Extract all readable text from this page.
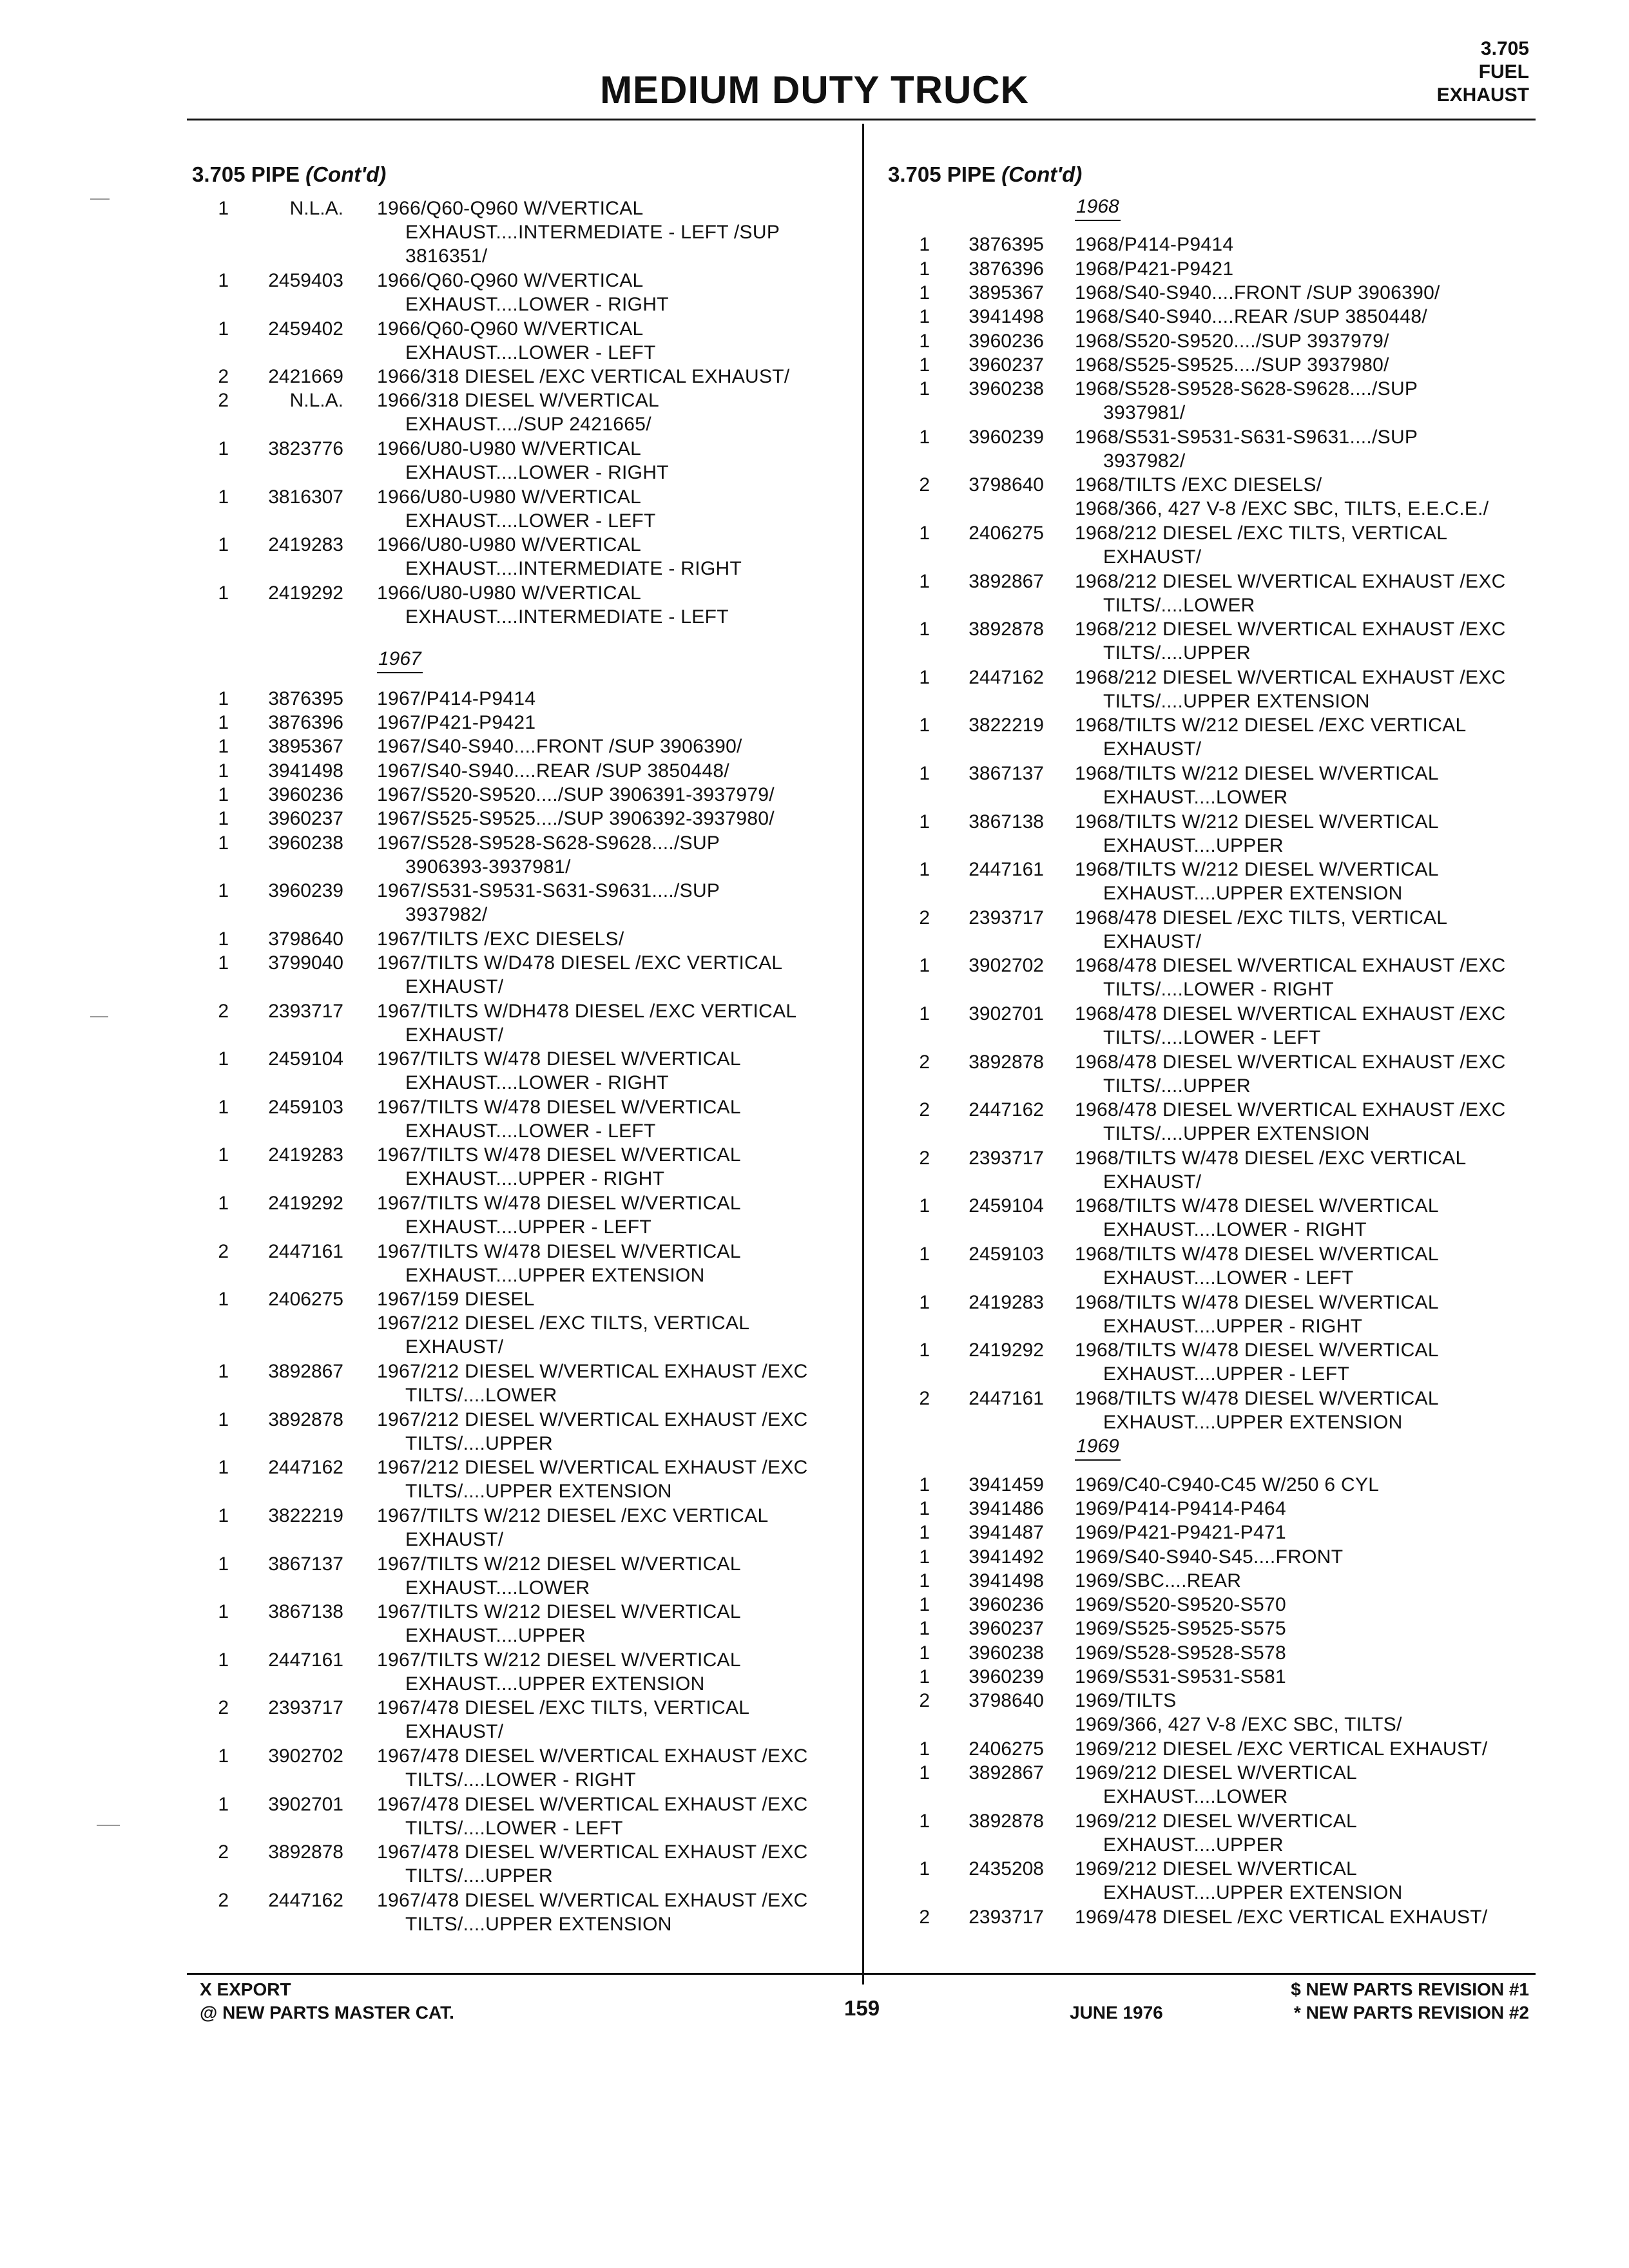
3.705
FUEL
EXHAUST
MEDIUM DUTY TRUCK
3.705 PIPE (Cont'd)
1	N.L.A. 1966/Q60-Q960 W/VERTICAL
EXHAUST....INTERMEDIATE - LEFT /SUP
3816351/
1	2459403 1966/Q60-Q960 W/VERTICAL
EXHAUST....LOWER - RIGHT
1	2459402 1966/Q60-Q960 W/VERTICAL
EXHAUST....LOWER - LEFT
2	2421669 1966/318 DIESEL /EXC VERTICAL EXHAUST/
2	N.L.A. 1966/318 DIESEL W/VERTICAL
EXHAUST..../SUP 2421665/
1	3823776 1966/U80-U980 W/VERTICAL
EXHAUST....LOWER - RIGHT
1	3816307 1966/U80-U980 W/VERTICAL
EXHAUST....LOWER - LEFT
1	2419283 1966/U80-U980 W/VERTICAL
EXHAUST....INTERMEDIATE - RIGHT
1	2419292 1966/U80-U980 W/VERTICAL
EXHAUST....INTERMEDIATE - LEFT
1967
1	3876395 1967/P414-P9414
1	3876396 1967/P421-P9421
1	3895367 1967/S40-S940....FRONT /SUP 3906390/
1	3941498 1967/S40-S940....REAR /SUP 3850448/
1	3960236 1967/S520-S9520..../SUP 3906391-3937979/
1	3960237 1967/S525-S9525..../SUP 3906392-3937980/
1	3960238 1967/S528-S9528-S628-S9628..../SUP
3906393-3937981/
1	3960239 1967/S531-S9531-S631-S9631..../SUP
3937982/
1	3798640 1967/TILTS /EXC DIESELS/
1	3799040 1967/TILTS W/D478 DIESEL /EXC VERTICAL
EXHAUST/
2	2393717 1967/TILTS W/DH478 DIESEL /EXC VERTICAL
EXHAUST/
1	2459104 1967/TILTS W/478 DIESEL W/VERTICAL
EXHAUST....LOWER - RIGHT
1	2459103 1967/TILTS W/478 DIESEL W/VERTICAL
EXHAUST....LOWER - LEFT
1	2419283 1967/TILTS W/478 DIESEL W/VERTICAL
EXHAUST....UPPER - RIGHT
1	2419292 1967/TILTS W/478 DIESEL W/VERTICAL
EXHAUST....UPPER - LEFT
2	2447161 1967/TILTS W/478 DIESEL W/VERTICAL
EXHAUST....UPPER EXTENSION
1	2406275 1967/159 DIESEL
1967/212 DIESEL /EXC TILTS, VERTICAL
EXHAUST/
1	3892867 1967/212 DIESEL W/VERTICAL EXHAUST /EXC
TILTS/....LOWER
1	3892878 1967/212 DIESEL W/VERTICAL EXHAUST /EXC
TILTS/....UPPER
1	2447162 1967/212 DIESEL W/VERTICAL EXHAUST /EXC
TILTS/....UPPER EXTENSION
1	3822219 1967/TILTS W/212 DIESEL /EXC VERTICAL
EXHAUST/
1	3867137 1967/TILTS W/212 DIESEL W/VERTICAL
EXHAUST....LOWER
1	3867138 1967/TILTS W/212 DIESEL W/VERTICAL
EXHAUST....UPPER
1	2447161 1967/TILTS W/212 DIESEL W/VERTICAL
EXHAUST....UPPER EXTENSION
2	2393717 1967/478 DIESEL /EXC TILTS, VERTICAL
EXHAUST/
1	3902702 1967/478 DIESEL W/VERTICAL EXHAUST /EXC
TILTS/....LOWER - RIGHT
1	3902701 1967/478 DIESEL W/VERTICAL EXHAUST /EXC
TILTS/....LOWER - LEFT
2	3892878 1967/478 DIESEL W/VERTICAL EXHAUST /EXC
TILTS/....UPPER
2	2447162 1967/478 DIESEL W/VERTICAL EXHAUST /EXC
TILTS/....UPPER EXTENSION
3.705 PIPE (Cont'd)
1968
1	3876395 1968/P414-P9414
1	3876396 1968/P421-P9421
1	3895367 1968/S40-S940....FRONT /SUP 3906390/
1	3941498 1968/S40-S940....REAR /SUP 3850448/
1	3960236 1968/S520-S9520..../SUP 3937979/
1	3960237 1968/S525-S9525..../SUP 3937980/
1	3960238 1968/S528-S9528-S628-S9628..../SUP
3937981/
1	3960239 1968/S531-S9531-S631-S9631..../SUP
3937982/
2	3798640 1968/TILTS /EXC DIESELS/
1968/366, 427 V-8 /EXC SBC, TILTS, E.E.C.E./
1	2406275 1968/212 DIESEL /EXC TILTS, VERTICAL
EXHAUST/
1	3892867 1968/212 DIESEL W/VERTICAL EXHAUST /EXC
TILTS/....LOWER
1	3892878 1968/212 DIESEL W/VERTICAL EXHAUST /EXC
TILTS/....UPPER
1	2447162 1968/212 DIESEL W/VERTICAL EXHAUST /EXC
TILTS/....UPPER EXTENSION
1	3822219 1968/TILTS W/212 DIESEL /EXC VERTICAL
EXHAUST/
1	3867137 1968/TILTS W/212 DIESEL W/VERTICAL
EXHAUST....LOWER
1	3867138 1968/TILTS W/212 DIESEL W/VERTICAL
EXHAUST....UPPER
1	2447161 1968/TILTS W/212 DIESEL W/VERTICAL
EXHAUST....UPPER EXTENSION
2	2393717 1968/478 DIESEL /EXC TILTS, VERTICAL
EXHAUST/
1	3902702 1968/478 DIESEL W/VERTICAL EXHAUST /EXC
TILTS/....LOWER - RIGHT
1	3902701 1968/478 DIESEL W/VERTICAL EXHAUST /EXC
TILTS/....LOWER - LEFT
2	3892878 1968/478 DIESEL W/VERTICAL EXHAUST /EXC
TILTS/....UPPER
2	2447162 1968/478 DIESEL W/VERTICAL EXHAUST /EXC
TILTS/....UPPER EXTENSION
2	2393717 1968/TILTS W/478 DIESEL /EXC VERTICAL
EXHAUST/
1	2459104 1968/TILTS W/478 DIESEL W/VERTICAL
EXHAUST....LOWER - RIGHT
1	2459103 1968/TILTS W/478 DIESEL W/VERTICAL
EXHAUST....LOWER - LEFT
1	2419283 1968/TILTS W/478 DIESEL W/VERTICAL
EXHAUST....UPPER - RIGHT
1	2419292 1968/TILTS W/478 DIESEL W/VERTICAL
EXHAUST....UPPER - LEFT
2	2447161 1968/TILTS W/478 DIESEL W/VERTICAL
EXHAUST....UPPER EXTENSION
1969
1	3941459 1969/C40-C940-C45 W/250 6 CYL
1	3941486 1969/P414-P9414-P464
1	3941487 1969/P421-P9421-P471
1	3941492 1969/S40-S940-S45....FRONT
1	3941498 1969/SBC....REAR
1	3960236 1969/S520-S9520-S570
1	3960237 1969/S525-S9525-S575
1	3960238 1969/S528-S9528-S578
1	3960239 1969/S531-S9531-S581
2	3798640 1969/TILTS
1969/366, 427 V-8 /EXC SBC, TILTS/
1	2406275 1969/212 DIESEL /EXC VERTICAL EXHAUST/
1	3892867 1969/212 DIESEL W/VERTICAL
EXHAUST....LOWER
1	3892878 1969/212 DIESEL W/VERTICAL
EXHAUST....UPPER
1	2435208 1969/212 DIESEL W/VERTICAL
EXHAUST....UPPER EXTENSION
2	2393717 1969/478 DIESEL /EXC VERTICAL EXHAUST/
X EXPORT
@ NEW PARTS MASTER CAT.	159	JUNE 1976
$ NEW PARTS REVISION #1
* NEW PARTS REVISION #2
